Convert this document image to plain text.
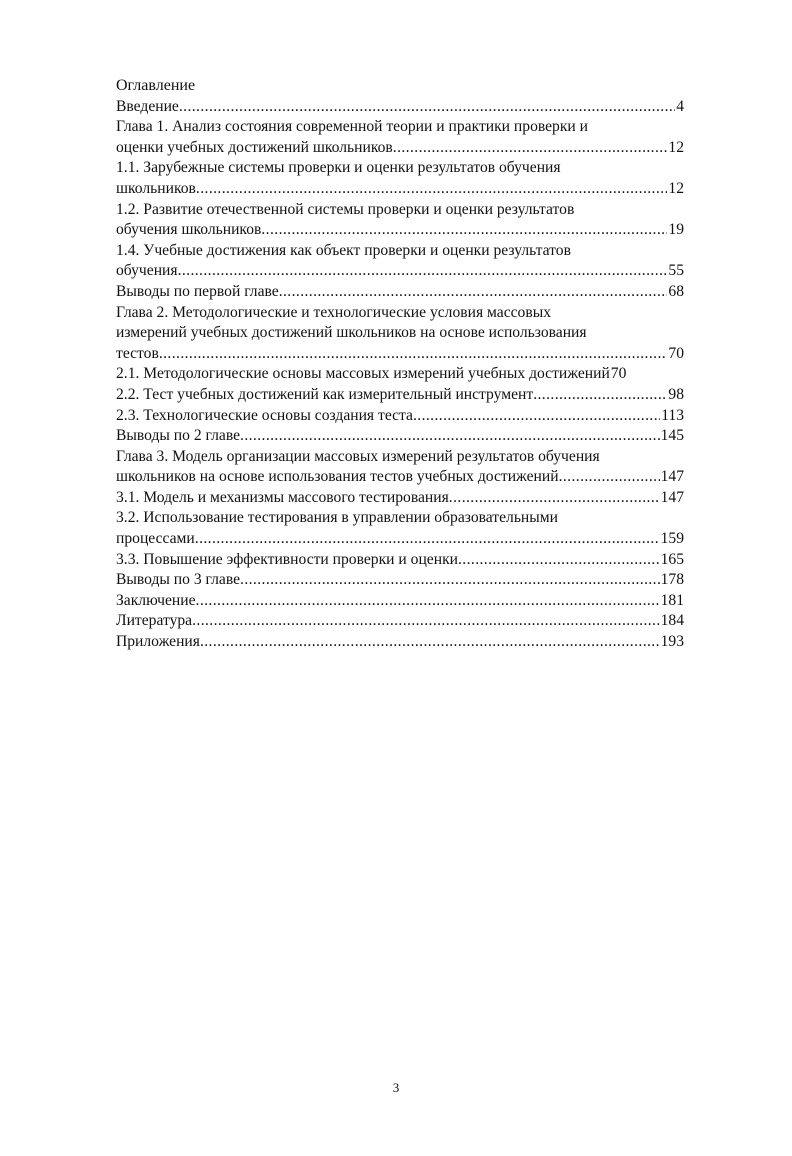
Оглавление
Введение .....	4
Глава 1. Анализ состояния современной теории и практики проверки и
оценки учебных достижений школьников .....	12
1.1. Зарубежные системы проверки и оценки результатов обучения
школьников .....	12
1.2. Развитие отечественной системы проверки и оценки результатов
обучения школьников .....	19
1.4. Учебные достижения как объект проверки и оценки результатов
обучения .....	55
Выводы по первой главе .....	68
Глава 2. Методологические и технологические условия массовых
измерений учебных достижений школьников на основе использования
тестов .....	70
2.1. Методологические основы массовых измерений учебных достижений 70
2.2. Тест учебных достижений как измерительный инструмент .....	98
2.3. Технологические основы создания теста .....	113
Выводы по 2 главе .....	145
Глава 3. Модель организации массовых измерений результатов обучения
школьников на основе использования тестов учебных достижений .....	147
3.1. Модель и механизмы массового тестирования .....	147
3.2. Использование тестирования в управлении образовательными
процессами .....	159
3.3. Повышение эффективности проверки и оценки .....	165
Выводы по 3 главе .....	178
Заключение .....	181
Литература .....	184
Приложения .....	193
3
